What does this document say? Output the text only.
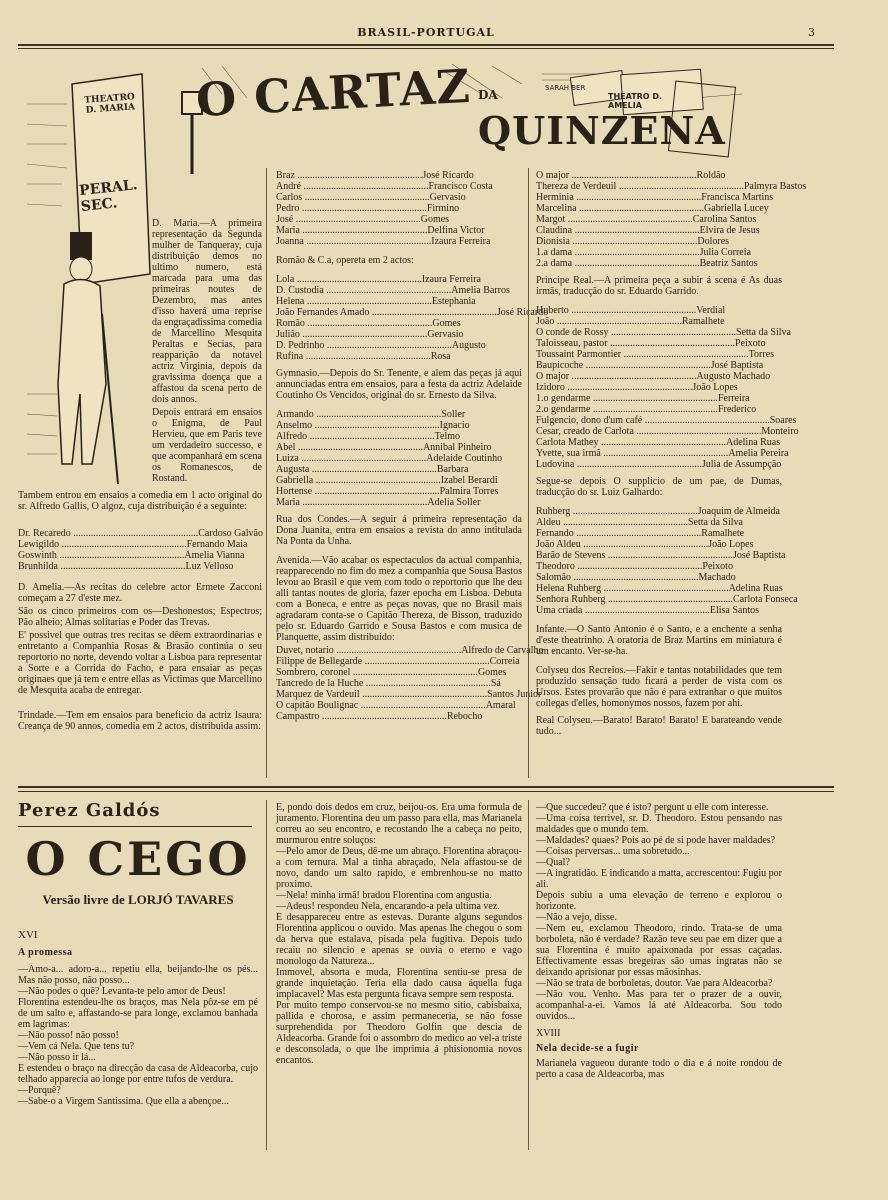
BRASIL-PORTUGAL	3
O CARTAZ DA
QUINZENA
SARAH BER
THEATRO D. AMELIA
THEATRO D. MARIA
PERAL. SEC.

D. Maria.—A primeira representação da Segunda mulher de Tanqueray, cuja distribuição demos no ultimo numero, está marcada para uma das primeiras noutes de Dezembro, mas antes d'isso haverá uma reprise da engraçadissima comedia de Marcellino Mesquita Peraltas e Secias, para reapparição da notavel actriz Virginia, depois da gravissima doença que a affastou da scena perto de dois annos.

Depois entrará em ensaios o Enigma, de Paul Hervieu, que em Paris teve um verdadeiro successo, e que acompanhará em scena os Romanescos, de Rostand.

Tambem entrou em ensaios a comedia em 1 acto original do sr. Alfredo Gallis, O algoz, cuja distribuição é a seguinte:

Dr. Recaredo .................................................. Cardoso Galvão
Lewigildo .................................................. Fernando Maia
Goswinth .................................................. Amelia Vianna
Brunhilda .................................................. Luz Velloso

D. Amelia.—As recitas do celebre actor Ermete Zacconi começam a 27 d'este mez.

São os cinco primeiros com os—Deshonestos; Espectros; Pão alheio; Almas solitarias e Poder das Trevas.

E' possivel que outras tres recitas se dêem extraordinarias e entretanto a Companhia Rosas & Brasão continúa o seu reportorio no norte, devendo voltar a Lisboa para representar a Sorte e a Corrida do Facho, e para ensaiar as peças originaes que já tem e entre ellas as Victimas que Marcellino de Mesquita acaba de entregar.

Trindade.—Tem em ensaios para beneficio da actriz Isaura: Creança de 90 annos, comedia em 2 actos, distribuida assim:

Braz .................................................. José Ricardo
André .................................................. Francisco Costa
Carlos .................................................. Gervasio
Pedro .................................................. Firmino
José .................................................. Gomes
Maria .................................................. Delfina Victor
Joanna .................................................. Izaura Ferreira

Romão & C.a, opereta em 2 actos:

Lola .................................................. Izaura Ferreira
D. Custodia .................................................. Amelia Barros
Helena .................................................. Estephania
João Fernandes Amado .................................................. José Ricardo
Romão .................................................. Gomes
Julião .................................................. Gervasio
D. Pedrinho .................................................. Augusto
Rufina .................................................. Rosa

Gymnasio.—Depois do Sr. Tenente, e alem das peças já aqui annunciadas entra em ensaios, para a festa da actriz Adelaide Coutinho Os Vencidos, original do sr. Ernesto da Silva.

Armando .................................................. Soller
Anselmo .................................................. Ignacio
Alfredo .................................................. Telmo
Abel .................................................. Annibal Pinheiro
Luiza .................................................. Adelaide Coutinho
Augusta .................................................. Barbara
Gabriella .................................................. Izabel Berardi
Hortense .................................................. Palmira Torres
Maria .................................................. Adelia Soller

Rua dos Condes.—A seguir á primeira representação da Dona Juanita, entra em ensaios a revista do anno intitulada Na Ponta da Unha.

Avenida.—Vão acabar os espectaculos da actual companhia, reapparecendo no fim do mez a companhia que Sousa Bastos levou ao Brasil e que vem com todo o reportorio que lhe deu alli tantas noutes de gloria, fazer epocha em Lisboa. Debuta com a Boneca, e entre as peças novas, que no Brasil mais agradaram conta-se o Capitão Thereza, de Bisson, traduzido pelo sr. Eduardo Garrido e Sousa Bastos e com musica de Planquette, assim distribuido:

Duvet, notario .................................................. Alfredo de Carvalho
Filippe de Bellegarde .................................................. Correia
Sombrero, coronel .................................................. Gomes
Tancredo de la Huche .................................................. Sá
Marquez de Vardeuil .................................................. Santos Junior
O capitão Boulignac .................................................. Amaral
Campastro .................................................. Rebocho
O major .................................................. Roldão
Thereza de Verdeuil .................................................. Palmyra Bastos
Herminia .................................................. Francisca Martins
Marcelina .................................................. Gabriella Lucey
Margot .................................................. Carolina Santos
Claudina .................................................. Elvira de Jesus
Dionisia .................................................. Dolores
1.a dama .................................................. Julia Correia
2.a dama .................................................. Beatriz Santos

Principe Real.—A primeira peça a subir á scena é As duas irmãs, traducção do sr. Eduardo Garrido.

Huberto .................................................. Verdial
João .................................................. Ramalhete
O conde de Rossy .................................................. Setta da Silva
Taloisseau, pastor .................................................. Peixoto
Toussaint Parmontier .................................................. Torres
Baupicoche .................................................. José Baptista
O major .................................................. Augusto Machado
Izidoro .................................................. João Lopes
1.o gendarme .................................................. Ferreira
2.o gendarme .................................................. Frederico
Fulgencio, dono d'um café .................................................. Soares
Cesar, creado de Carlota .................................................. Monteiro
Carlota Mathey .................................................. Adelina Ruas
Yvette, sua irmã .................................................. Amelia Pereira
Ludovina .................................................. Julia de Assumpção

Segue-se depois O supplicio de um pae, de Dumas, traducção do sr. Luiz Galhardo:

Ruhberg .................................................. Joaquim de Almeida
Aldeu .................................................. Setta da Silva
Fernando .................................................. Ramalhete
João Aldeu .................................................. João Lopes
Barão de Stevens .................................................. José Baptista
Theodoro .................................................. Peixoto
Salomão .................................................. Machado
Helena Ruhberg .................................................. Adelina Ruas
Senhora Ruhberg .................................................. Carlota Fonseca
Uma criada .................................................. Elisa Santos

Infante.—O Santo Antonio é o Santo, e a enchente a senha d'este theatrinho. A oratoria de Braz Martins em miniatura é um encanto. Ver-se-ha.

Colyseu dos Recreios.—Fakir e tantas notabilidades que tem produzido sensação tudo ficará a perder de vista com os Ursos. Estes provarão que não é para extranhar o que muitos collegas d'elles, homonymos nossos, fazem por ahi.

Real Colyseu.—Barato! Barato! Barato! E barateando vende tudo...

Perez Galdós
O CEGO
Versão livre de LORJÓ TAVARES

XVI

A promessa

—Amo-a... adoro-a... repetiu ella, beijando-lhe os pés... Mas não posso, não posso...
—Não podes o quê? Levanta-te pelo amor de Deus!
Florentina estendeu-lhe os braços, mas Nela pôz-se em pé de um salto e, affastando-se para longe, exclamou banhada em lagrimas:
—Não posso! não posso!
—Vem cá Nela. Que tens tu?
—Não posso ir lá...
E estendeu o braço na direcção da casa de Aldeacorba, cujo telhado apparecia ao longe por entre tufos de verdura.
—Porquê?
—Sabe-o a Virgem Santissima. Que ella a abençoe...

E, pondo dois dedos em cruz, beijou-os. Era uma formula de juramento. Florentina deu um passo para ella, mas Marianela correu ao seu encontro, e recostando lhe a cabeça no peito, murmurou entre soluços:
—Pelo amor de Deus, dê-me um abraço. Florentina abraçou-a com ternura. Mal a tinha abraçado, Nela affastou-se de novo, dando um salto rapido, e embrenhou-se no matto proximo.
—Nela! minha irmã! bradou Florentina com angustia.
—Adeus! respondeu Nela, encarando-a pela ultima vez.
E desappareceu entre as estevas. Durante alguns segundos Florentina applicou o ouvido. Mas apenas lhe chegou o som da herva que estalava, pisada pela fugitiva. Depois tudo recaiu no silencio e apenas se ouvia o eterno e vago monologo da Natureza...
Immovel, absorta e muda, Florentina sentiu-se presa de grande inquietação. Teria ella dado causa áquella fuga implacavel? Mas esta pergunta ficava sempre sem resposta.
Por muito tempo conservou-se no mesmo sitio, cabisbaixa, pallida e chorosa, e assim permaneceria, se não fosse surprehendida por Theodoro Golfin que descia de Aldeacorba. Grande foi o assombro do medico ao vel-a triste e desconsolada, o que lhe imprimia á phisionomia novos encantos.

—Que succedeu? que é isto? pergunt u elle com interesse.
—Uma coisa terrivel, sr. D. Theodoro. Estou pensando nas maldades que o mundo tem.
—Maldades? quaes? Pois ao pé de si pode haver maldades?
—Coisas perversas... uma sobretudo...
—Qual?
—A ingratidão. E indicando a matta, accrescentou: Fugiu por ali.
Depois subiu a uma elevação de terreno e explorou o horizonte.
—Não a vejo, disse.
—Nem eu, exclamou Theodoro, rindo. Trata-se de uma borboleta, não é verdade? Razão teve seu pae em dizer que a sua Florentina é muito apaixonada por essas caçadas. Effectivamente essas bregeiras são umas ingratas não se deixando aprisionar por essas mãosinhas.
—Não se trata de borboletas, doutor. Vae para Aldeacorba?
—Não vou. Venho. Mas para ter o prazer de a ouvir, acompanhal-a-ei. Vamos lá até Aldeacorba. Sou todo ouvidos...

XVIII

Nela decide-se a fugir

Marianela vagueou durante todo o dia e á noite rondou de perto a casa de Aldeacorba, mas
